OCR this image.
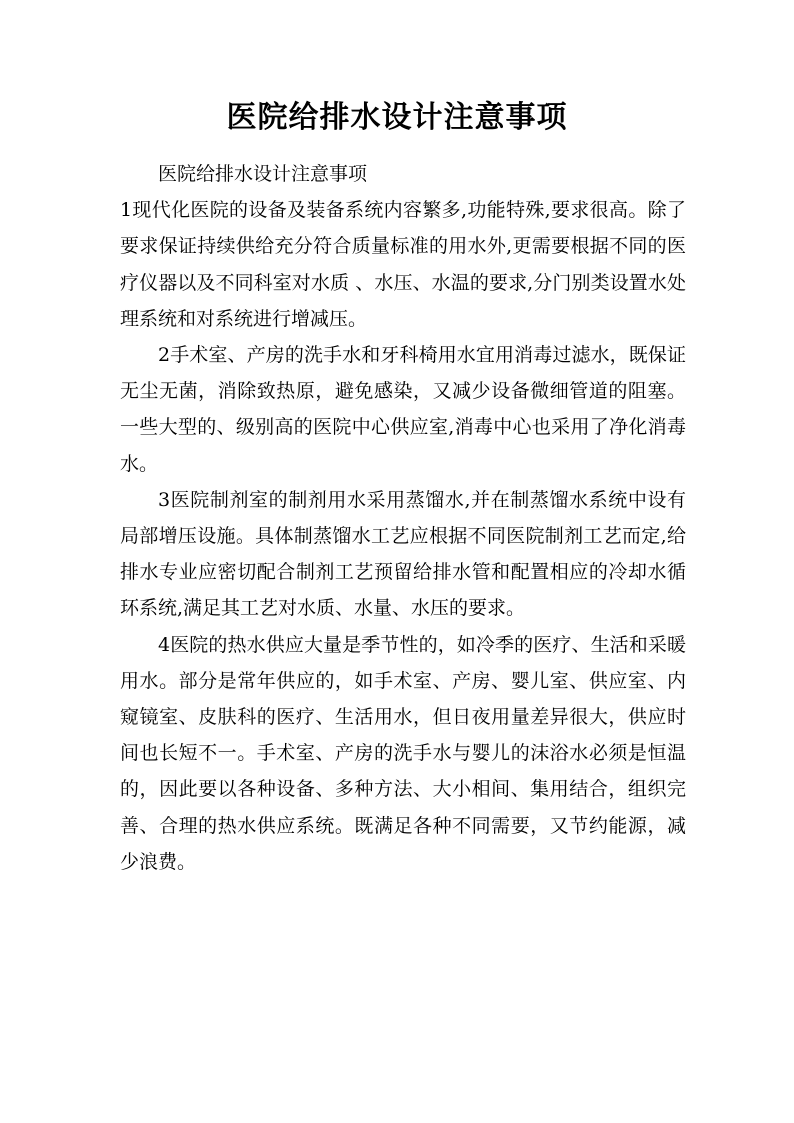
医院给排水设计注意事项

医院给排水设计注意事项

1现代化医院的设备及装备系统内容繁多,功能特殊,要求很高。除了要求保证持续供给充分符合质量标准的用水外,更需要根据不同的医疗仪器以及不同科室对水质 、水压、水温的要求,分门别类设置水处理系统和对系统进行增减压。

2手术室、产房的洗手水和牙科椅用水宜用消毒过滤水，既保证无尘无菌，消除致热原，避免感染，又减少设备微细管道的阻塞。一些大型的、级别高的医院中心供应室,消毒中心也采用了净化消毒水。

3医院制剂室的制剂用水采用蒸馏水,并在制蒸馏水系统中设有局部增压设施。具体制蒸馏水工艺应根据不同医院制剂工艺而定,给排水专业应密切配合制剂工艺预留给排水管和配置相应的冷却水循环系统,满足其工艺对水质、水量、水压的要求。

4医院的热水供应大量是季节性的，如冷季的医疗、生活和采暖用水。部分是常年供应的，如手术室、产房、婴儿室、供应室、内窥镜室、皮肤科的医疗、生活用水，但日夜用量差异很大，供应时间也长短不一。手术室、产房的洗手水与婴儿的沫浴水必须是恒温的，因此要以各种设备、多种方法、大小相间、集用结合，组织完善、合理的热水供应系统。既满足各种不同需要，又节约能源，减少浪费。
